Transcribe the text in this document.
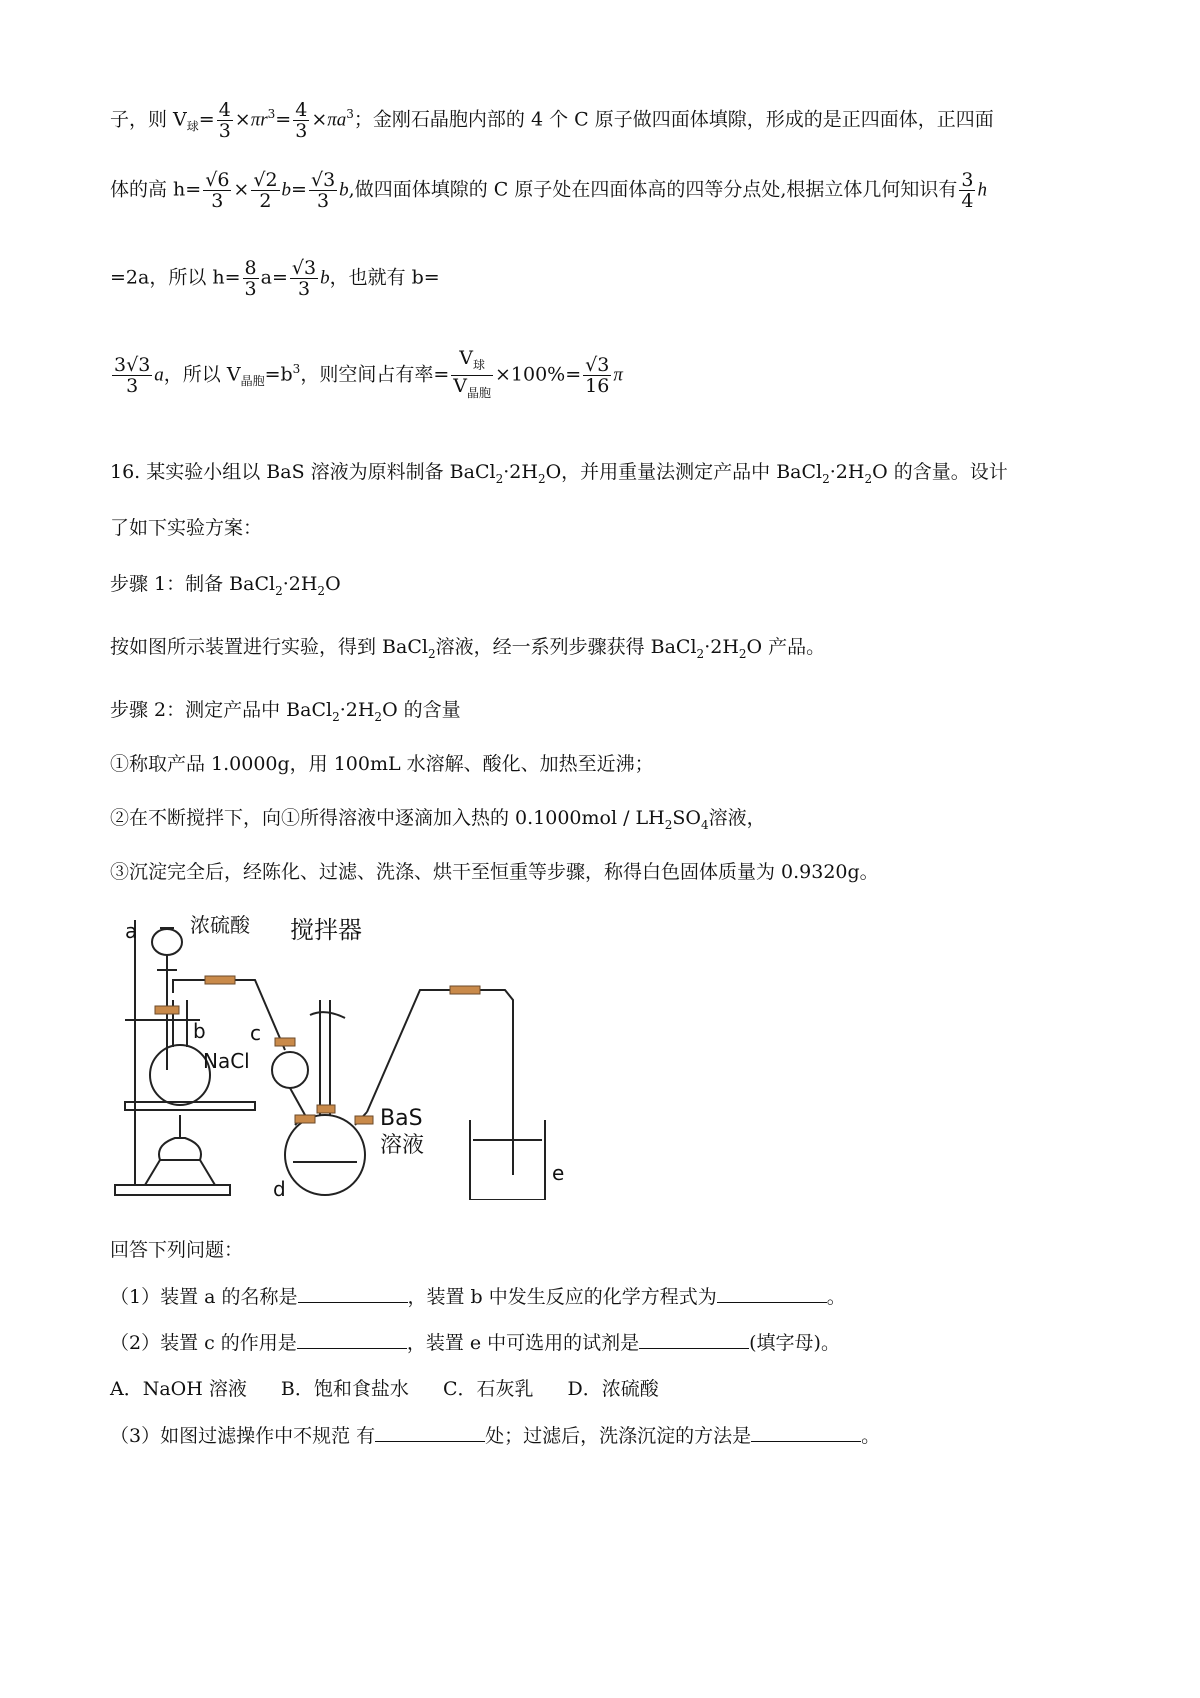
子，则 $V_球= \frac{4}{3} \times\pi r^3= \frac{4}{3} \times\pi a^3$；金刚石晶胞内部的 4 个 C 原子做四面体填隙，形成的是正四面体，正四面
体的高 $h= \frac{√6}{3} \times \frac{√2}{2} b= \frac{√3}{3} b$,做四面体填隙的 C 原子处在四面体高的四等分点处,根据立体几何知识有 $\frac{3}{4}$ h
=2a，所以 $h= \frac{8}{3} a= \frac{√3}{3}$ b，也就有 b=
$\frac{3√3}{3}$ a，所以 $V_{晶胞}=b^3$，则空间占有率= $\frac{V_球}{V_{晶胞}} \times 100\%= \frac{√3}{16}$ π
16. 某实验小组以 BaS 溶液为原料制备 $BaCl_2\cdot 2H_2O$，并用重量法测定产品中 $BaCl_2\cdot 2H_2O$ 的含量。设计
了如下实验方案：
步骤 1：制备 $BaCl_2\cdot 2H_2O$
按如图所示装置进行实验，得到 BaCl$_2$溶液，经一系列步骤获得 $BaCl_2\cdot 2H_2O$ 产品。
步骤 2：测定产品中 $BaCl_2\cdot 2H_2O$ 的含量
①称取产品 1.0000g，用 100mL 水溶解、酸化、加热至近沸；
②在不断搅拌下，向①所得溶液中逐滴加入热的 $0.1000mol / LH_2SO_4$溶液，
③沉淀完全后，经陈化、过滤、洗涤、烘干至恒重等步骤，称得白色固体质量为 0.9320g。
a	浓硫酸 搅拌器
b c
NaCl
BaS
溶液
d
e
回答下列问题：
（1）装置 a 的名称是	，装置 b 中发生反应的化学方程式为	。
（2）装置 c 的作用是	，装置 e 中可选用的试剂是	(填字母)。
A．NaOH 溶液 B．饱和食盐水 C．石灰乳 D．浓硫酸
（3）如图过滤操作中不规范 有	处；过滤后，洗涤沉淀的方法是	。
